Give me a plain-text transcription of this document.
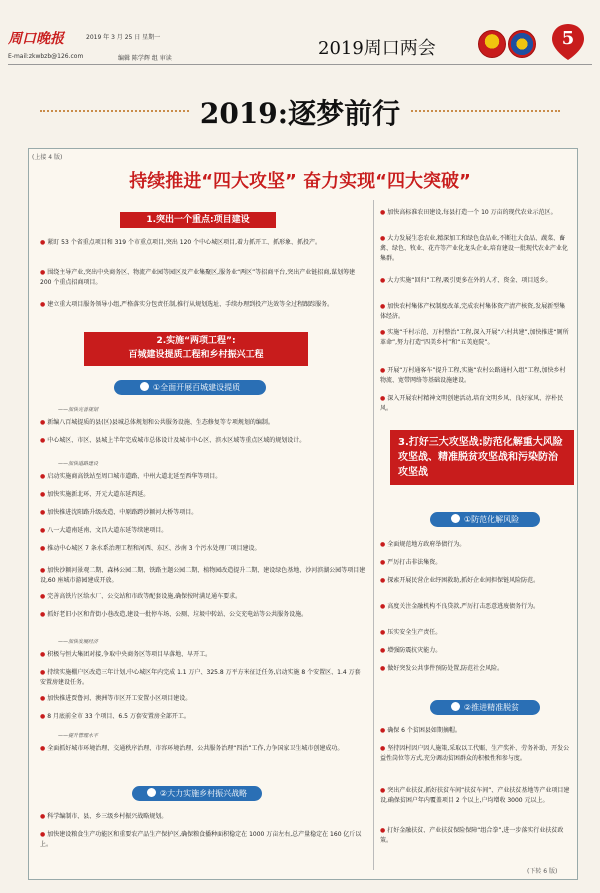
周口晚报	2019 年 3 月 25 日 星期一
E-mail:zkwbzb@126.com	编辑 陈学辉 组 审读	2019周口两会	5
2019:逐梦前行
(上接 4 版)
持续推进“四大攻坚” 奋力实现“四大突破”
1.突出一个重点:项目建设
● 紧盯 53 个省重点项目和 319 个市重点项目,突出 120 个中心城区项目,着力抓开工、抓形象、抓投产。
● 围绕主导产业,突出中央商务区、物流产业园等园区及产业集聚区,服务业“两区”等招商平台,突出产业链招商,谋划筹建 200 个重点招商项目。
● 建立重大项目服务领导小组,严格落实分包责任制,推行从规划选址、手续办理到投产达效等全过程跟踪服务。
2.实施“两项工程”:
百城建设提质工程和乡村振兴工程
①全面开展百城建设提质
——加快完善规划
● 新编八百城提质的县(区)县城总体规划和公共服务设施、生态修复等专项规划的编制。
● 中心城区、市区、县城上半年完成城市总体设计及城市中心区、滨水区域等重点区域的规划设计。
——加快道路建设
● 启动实施商高铁站至周口城市道路、中州大道北延至西华等项目。
● 加快实施新北环、开元大道东延西延。
● 加快推进沈阳路升级改造、中原路跨沙颍河大桥等项目。
● 八一大道南延南、文昌大道东延等续建项目。
● 推动中心城区 7 条水系治理工程和河西、东区、沙南 3 个污水处理厂项目建设。
● 加快沙颍河景观二期、森林公园二期、铁路主题公园二期、植物园改造提升二期、建设绿色基地、沙河滨湖公园等项目建设,60 座城市游园建成开放。
● 完善高铁片区给水厂、公交站和市政等配套设施,确保按时满足通车要求。
● 抓好老旧小区和背街小巷改造,建设一批停车场、公厕、垃圾中转站、公交充电站等公共服务设施。
——加快发展经济
● 积极与恒大集团对接,争取中央商务区等项目早落地、早开工。
● 持续实施棚户区改造三年计划,中心城区年内完成 1.1 万户、325.8 万平方米征迁任务,启动实施 8 个安置区、1.4 万套安置房建设任务。
● 加快推进贾鲁河、澳洲等市区开工安置小区项目建设。
● 8 月底前全市 33 个项目、6.5 万套安置房全部开工。
——提升管理水平
● 全面抓好城市环境治理、交通秩序治理、市容环境治理、公共服务治理“四治”工作,力争国家卫生城市创建成功。
②大力实施乡村振兴战略
● 科学编制市、县、乡三级乡村振兴战略规划。
● 加快建设粮食生产功能区和重要农产品生产保护区,确保粮食播种面积稳定在 1000 万亩左右,总产量稳定在 160 亿斤以上。
● 加快高标准农田建设,每县打造一个 10 万亩的现代农业示范区。
● 大力发展生态农业,精深加工和绿色食品业,不断壮大食品、蔬菜、畜禽、绿色、牧业、花卉等产业化龙头企业,培育建设一批现代农业产业化集群。
● 大力实施“回归”工程,吸引更多在外的人才、资金、项目返乡。
● 加快农村集体产权制度改革,完成农村集体资产清产核资,发展新型集体经济。
● 实施“千村示范、万村整治”工程,深入开展“六村共建”,加快推进“厕所革命”,努力打造“四美乡村”和“五美庭院”。
● 开展“万村通客车”提升工程,实施“农村公路通村入组”工程,加快乡村物流、宽带网络等基础设施建设。
● 深入开展农村精神文明创建活动,培育文明乡风、良好家风、淳朴民风。
3.打好三大攻坚战:防范化解重大风险攻坚战、精准脱贫攻坚战和污染防治攻坚战
①防范化解风险
● 全面规范地方政府举债行为。
● 严厉打击非法集资。
● 探索开展民营企业纾困救助,抓好企业间担保链风险防范。
● 高度关注金融机构不良贷款,严厉打击恶意逃废债务行为。
● 压实安全生产责任。
● 增强防震抗灾能力。
● 做好突发公共事件预防处置,防范社会风险。
②推进精准脱贫
● 确保 6 个贫困县如期摘帽。
● 坚持因村因户因人施策,采取以工代赈、生产奖补、劳务补助、开发公益性岗位等方式,充分调动贫困群众的积极性和参与度。
● 突出产业扶贫,抓好扶贫车间“扶贫车间”、产业扶贫基地等产业项目建设,确保贫困户年内覆盖项目 2 个以上,户均增收 3000 元以上。
● 打好金融扶贫、产业扶贫保险保障“组合拳”,进一步落实行业扶贫政策。
(下转 6 版)
